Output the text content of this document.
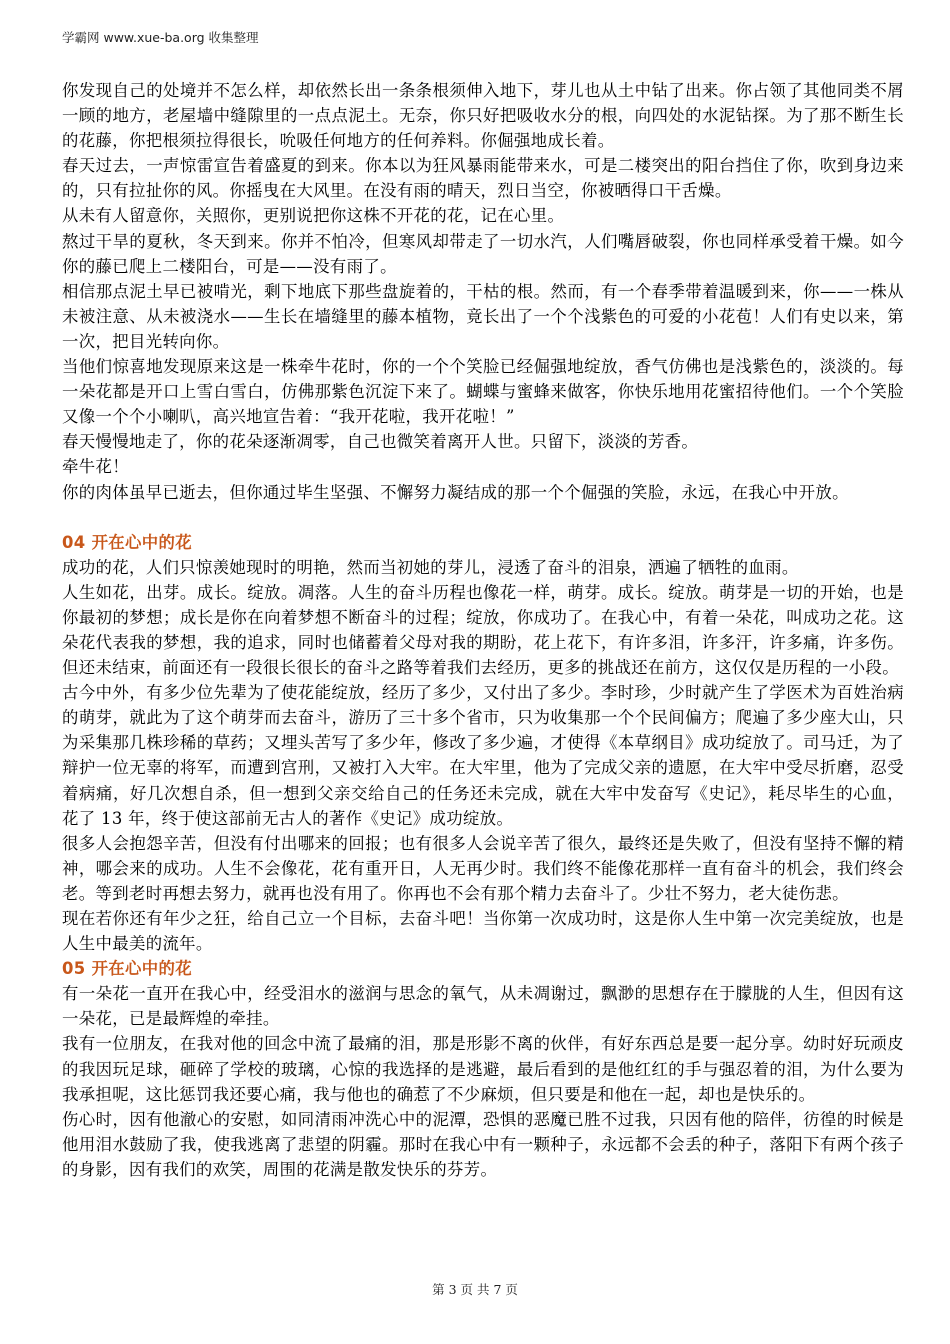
学霸网 www.xue-ba.org 收集整理

你发现自己的处境并不怎么样，却依然长出一条条根须伸入地下，芽儿也从土中钻了出来。你占领了其他同类不屑一顾的地方，老屋墙中缝隙里的一点点泥土。无奈，你只好把吸收水分的根，向四处的水泥钻探。为了那不断生长的花藤，你把根须拉得很长，吮吸任何地方的任何养料。你倔强地成长着。

春天过去，一声惊雷宣告着盛夏的到来。你本以为狂风暴雨能带来水，可是二楼突出的阳台挡住了你，吹到身边来的，只有拉扯你的风。你摇曳在大风里。在没有雨的晴天，烈日当空，你被晒得口干舌燥。

从未有人留意你，关照你，更别说把你这株不开花的花，记在心里。

熬过干旱的夏秋，冬天到来。你并不怕冷，但寒风却带走了一切水汽，人们嘴唇破裂，你也同样承受着干燥。如今你的藤已爬上二楼阳台，可是——没有雨了。

相信那点泥土早已被啃光，剩下地底下那些盘旋着的，干枯的根。然而，有一个春季带着温暖到来，你——一株从未被注意、从未被浇水——生长在墙缝里的藤本植物，竟长出了一个个浅紫色的可爱的小花苞！人们有史以来，第一次，把目光转向你。

当他们惊喜地发现原来这是一株牵牛花时，你的一个个笑脸已经倔强地绽放，香气仿佛也是浅紫色的，淡淡的。每一朵花都是开口上雪白雪白，仿佛那紫色沉淀下来了。蝴蝶与蜜蜂来做客，你快乐地用花蜜招待他们。一个个笑脸又像一个个小喇叭，高兴地宣告着：“我开花啦，我开花啦！”

春天慢慢地走了，你的花朵逐渐凋零，自己也微笑着离开人世。只留下，淡淡的芳香。

牵牛花！

你的肉体虽早已逝去，但你通过毕生坚强、不懈努力凝结成的那一个个倔强的笑脸，永远，在我心中开放。

04 开在心中的花

成功的花，人们只惊羡她现时的明艳，然而当初她的芽儿，浸透了奋斗的泪泉，洒遍了牺牲的血雨。

人生如花，出芽。成长。绽放。凋落。人生的奋斗历程也像花一样，萌芽。成长。绽放。萌芽是一切的开始，也是你最初的梦想；成长是你在向着梦想不断奋斗的过程；绽放，你成功了。在我心中，有着一朵花，叫成功之花。这朵花代表我的梦想，我的追求，同时也储蓄着父母对我的期盼，花上花下，有许多泪，许多汗，许多痛，许多伤。但还未结束，前面还有一段很长很长的奋斗之路等着我们去经历，更多的挑战还在前方，这仅仅是历程的一小段。

古今中外，有多少位先辈为了使花能绽放，经历了多少，又付出了多少。李时珍，少时就产生了学医术为百姓治病的萌芽，就此为了这个萌芽而去奋斗，游历了三十多个省市，只为收集那一个个民间偏方；爬遍了多少座大山，只为采集那几株珍稀的草药；又埋头苦写了多少年，修改了多少遍，才使得《本草纲目》成功绽放了。司马迁，为了辩护一位无辜的将军，而遭到宫刑，又被打入大牢。在大牢里，他为了完成父亲的遗愿，在大牢中受尽折磨，忍受着病痛，好几次想自杀，但一想到父亲交给自己的任务还未完成，就在大牢中发奋写《史记》，耗尽毕生的心血，花了 13 年，终于使这部前无古人的著作《史记》成功绽放。

很多人会抱怨辛苦，但没有付出哪来的回报；也有很多人会说辛苦了很久，最终还是失败了，但没有坚持不懈的精神，哪会来的成功。人生不会像花，花有重开日，人无再少时。我们终不能像花那样一直有奋斗的机会，我们终会老。等到老时再想去努力，就再也没有用了。你再也不会有那个精力去奋斗了。少壮不努力，老大徒伤悲。

现在若你还有年少之狂，给自己立一个目标，去奋斗吧！当你第一次成功时，这是你人生中第一次完美绽放，也是人生中最美的流年。

05 开在心中的花

有一朵花一直开在我心中，经受泪水的滋润与思念的氧气，从未凋谢过，飘渺的思想存在于朦胧的人生，但因有这一朵花，已是最辉煌的牵挂。

我有一位朋友，在我对他的回念中流了最痛的泪，那是形影不离的伙伴，有好东西总是要一起分享。幼时好玩顽皮的我因玩足球，砸碎了学校的玻璃，心惊的我选择的是逃避，最后看到的是他红红的手与强忍着的泪，为什么要为我承担呢，这比惩罚我还要心痛，我与他也的确惹了不少麻烦，但只要是和他在一起，却也是快乐的。

伤心时，因有他澈心的安慰，如同清雨冲洗心中的泥潭，恐惧的恶魔已胜不过我，只因有他的陪伴，彷徨的时候是他用泪水鼓励了我，使我逃离了悲望的阴霾。那时在我心中有一颗种子，永远都不会丢的种子，落阳下有两个孩子的身影，因有我们的欢笑，周围的花满是散发快乐的芬芳。

第 3 页 共 7 页
